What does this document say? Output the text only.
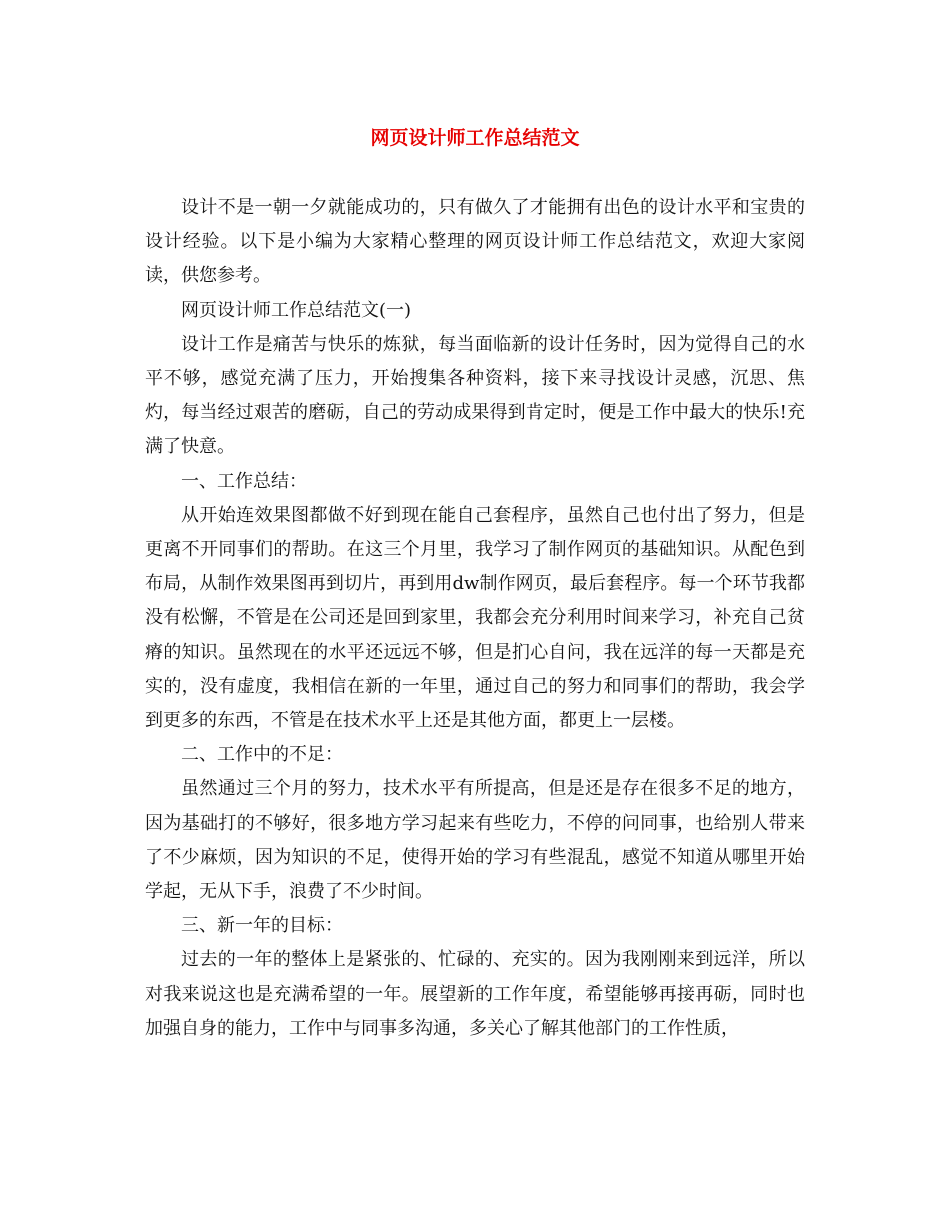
网页设计师工作总结范文

设计不是一朝一夕就能成功的，只有做久了才能拥有出色的设计水平和宝贵的设计经验。以下是小编为大家精心整理的网页设计师工作总结范文，欢迎大家阅读，供您参考。

网页设计师工作总结范文(一)

设计工作是痛苦与快乐的炼狱，每当面临新的设计任务时，因为觉得自己的水平不够，感觉充满了压力，开始搜集各种资料，接下来寻找设计灵感，沉思、焦灼，每当经过艰苦的磨砺，自己的劳动成果得到肯定时，便是工作中最大的快乐!充满了快意。

一、工作总结：

从开始连效果图都做不好到现在能自己套程序，虽然自己也付出了努力，但是更离不开同事们的帮助。在这三个月里，我学习了制作网页的基础知识。从配色到布局，从制作效果图再到切片，再到用dw制作网页，最后套程序。每一个环节我都没有松懈，不管是在公司还是回到家里，我都会充分利用时间来学习，补充自己贫瘠的知识。虽然现在的水平还远远不够，但是扪心自问，我在远洋的每一天都是充实的，没有虚度，我相信在新的一年里，通过自己的努力和同事们的帮助，我会学到更多的东西，不管是在技术水平上还是其他方面，都更上一层楼。

二、工作中的不足：

虽然通过三个月的努力，技术水平有所提高，但是还是存在很多不足的地方，因为基础打的不够好，很多地方学习起来有些吃力，不停的问同事，也给别人带来了不少麻烦，因为知识的不足，使得开始的学习有些混乱，感觉不知道从哪里开始学起，无从下手，浪费了不少时间。

三、新一年的目标：

过去的一年的整体上是紧张的、忙碌的、充实的。因为我刚刚来到远洋，所以对我来说这也是充满希望的一年。展望新的工作年度，希望能够再接再砺，同时也加强自身的能力，工作中与同事多沟通，多关心了解其他部门的工作性质，
